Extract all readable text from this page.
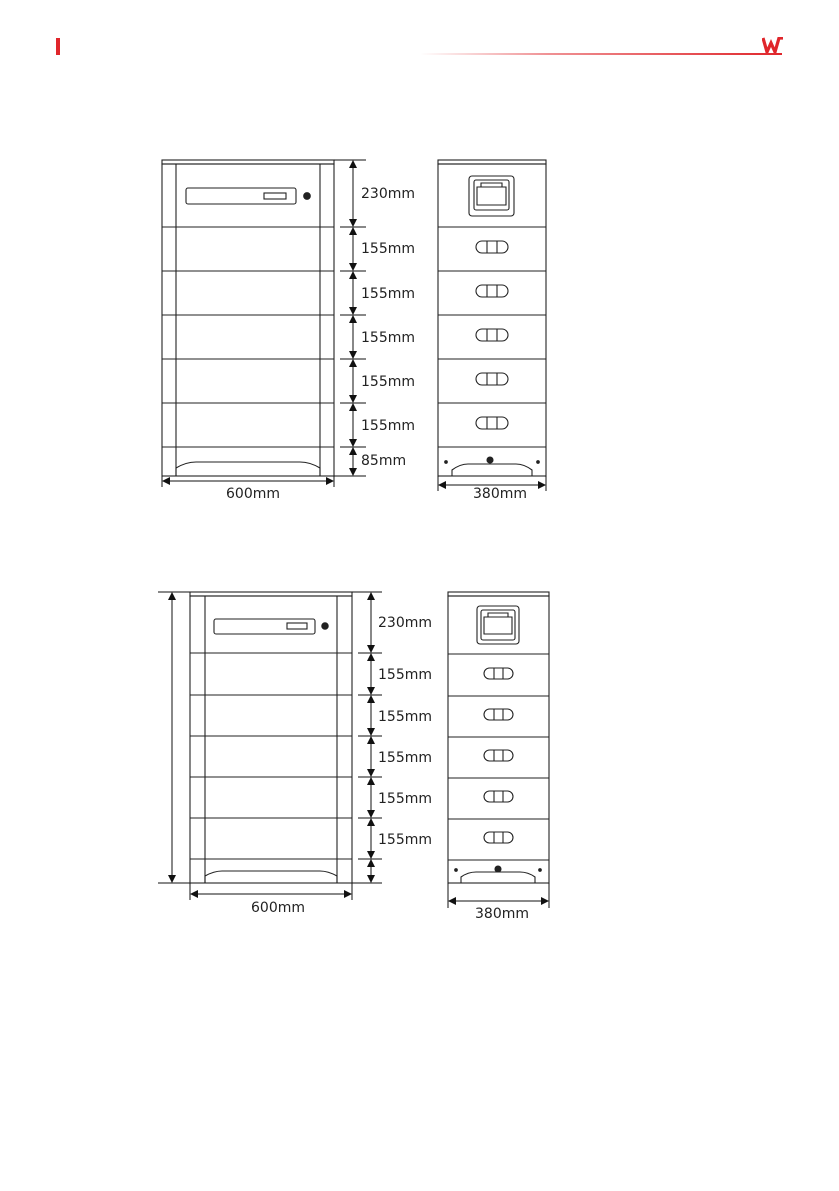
230mm
155mm
155mm
155mm
155mm
155mm
85mm
600mm	380mm
230mm
155mm
155mm
155mm
155mm
155mm
600mm	380mm
